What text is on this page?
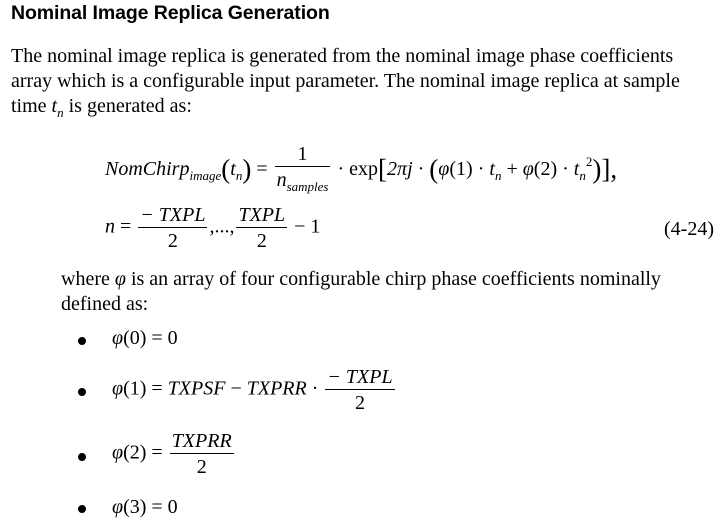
Nominal Image Replica Generation
The nominal image replica is generated from the nominal image phase coefficients
array which is a configurable input parameter. The nominal image replica at sample
time $t_n$ is generated as:
$NomChirp_{image}(t_n) = \frac{1}{n_{samples}} \cdot \exp[2\pi j \cdot (\varphi(1) \cdot t_n + \varphi(2) \cdot t_n^2)]$,
$n = \frac{\text{− TXPL}}{2}$ ,..., $\frac{\text{TXPL}}{2} - 1$	(4-24)
where φ is an array of four configurable chirp phase coefficients nominally
defined as:
φ(0) = 0
φ(1) = TXPSF − TXPRR · $\frac{\text{− TXPL}}{2}$
$\varphi(2) = \frac{\text{TXPRR}}{2}$
φ(3) = 0
